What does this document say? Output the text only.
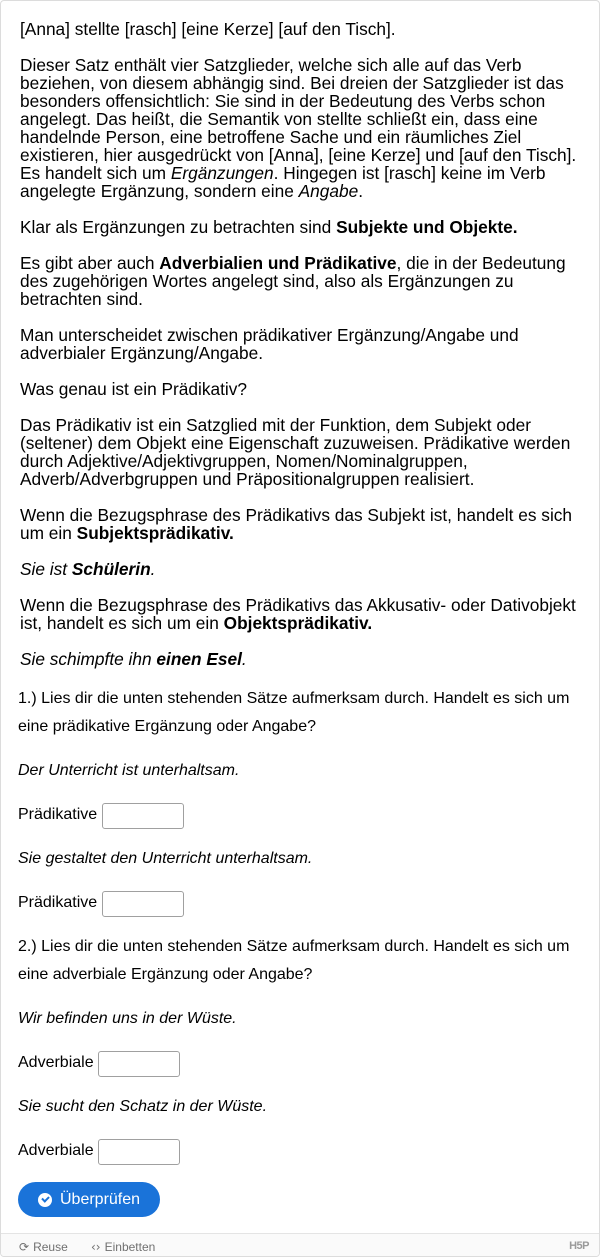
[Anna] stellte [rasch] [eine Kerze] [auf den Tisch].
Dieser Satz enthält vier Satzglieder, welche sich alle auf das Verb beziehen, von diesem abhängig sind. Bei dreien der Satzglieder ist das besonders offensichtlich: Sie sind in der Bedeutung des Verbs schon angelegt. Das heißt, die Semantik von stellte schließt ein, dass eine handelnde Person, eine betroffene Sache und ein räumliches Ziel existieren, hier ausgedrückt von [Anna], [eine Kerze] und [auf den Tisch]. Es handelt sich um Ergänzungen. Hingegen ist [rasch] keine im Verb angelegte Ergänzung, sondern eine Angabe.
Klar als Ergänzungen zu betrachten sind Subjekte und Objekte.
Es gibt aber auch Adverbialien und Prädikative, die in der Bedeutung des zugehörigen Wortes angelegt sind, also als Ergänzungen zu betrachten sind.
Man unterscheidet zwischen prädikativer Ergänzung/Angabe und adverbialer Ergänzung/Angabe.
Was genau ist ein Prädikativ?
Das Prädikativ ist ein Satzglied mit der Funktion, dem Subjekt oder (seltener) dem Objekt eine Eigenschaft zuzuweisen. Prädikative werden durch Adjektive/Adjektivgruppen, Nomen/Nominalgruppen, Adverb/Adverbgruppen und Präpositionalgruppen realisiert.
Wenn die Bezugsphrase des Prädikativs das Subjekt ist, handelt es sich um ein Subjektsprädikativ.
Sie ist Schülerin.
Wenn die Bezugsphrase des Prädikativs das Akkusativ- oder Dativobjekt ist, handelt es sich um ein Objektsprädikativ.
Sie schimpfte ihn einen Esel.
1.) Lies dir die unten stehenden Sätze aufmerksam durch. Handelt es sich um eine prädikative Ergänzung oder Angabe?
Der Unterricht ist unterhaltsam.
Prädikative
Sie gestaltet den Unterricht unterhaltsam.
Prädikative
2.) Lies dir die unten stehenden Sätze aufmerksam durch. Handelt es sich um eine adverbiale Ergänzung oder Angabe?
Wir befinden uns in der Wüste.
Adverbiale
Sie sucht den Schatz in der Wüste.
Adverbiale
Überprüfen
⟳ Reuse ‹› Einbetten	H5P
